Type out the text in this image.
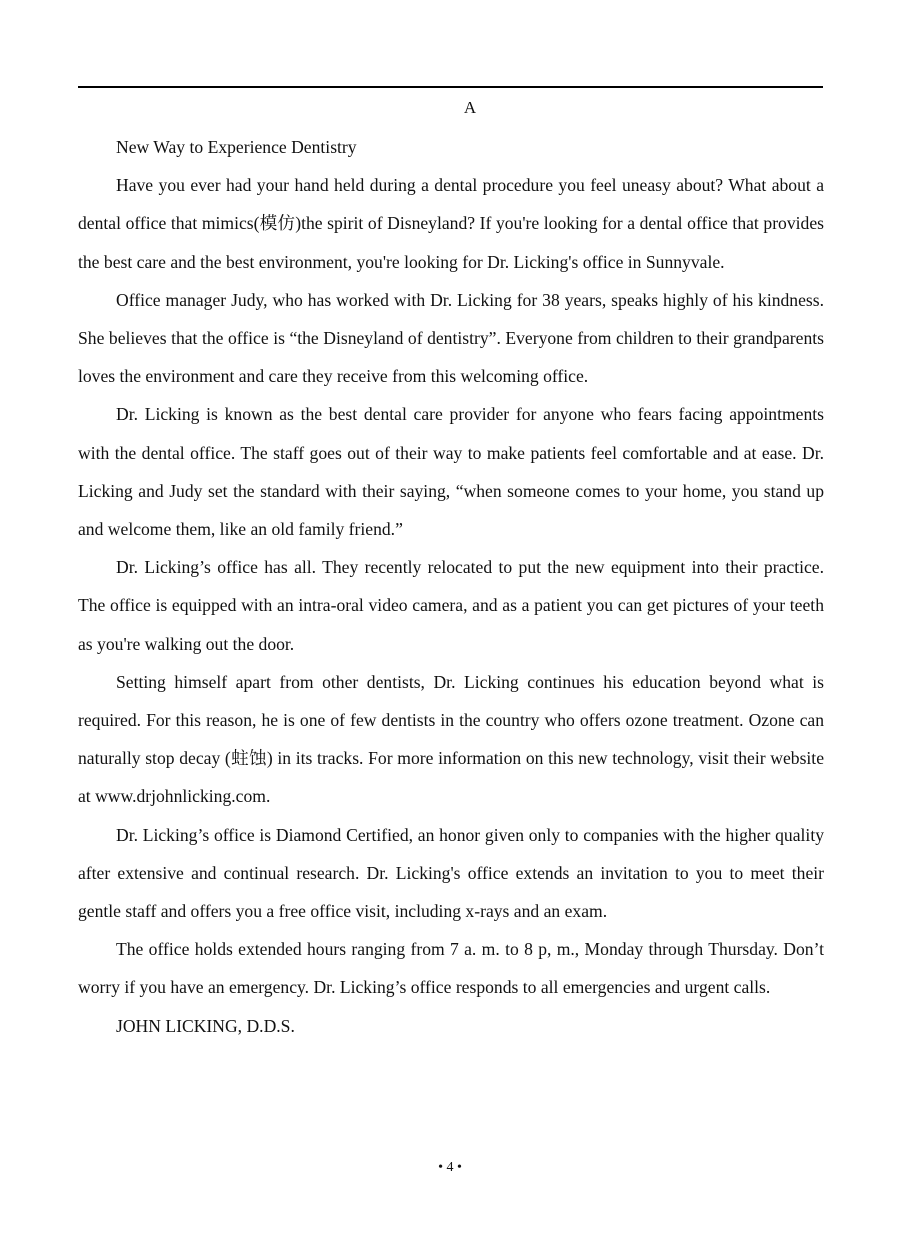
A

New Way to Experience Dentistry

Have you ever had your hand held during a dental procedure you feel uneasy about? What about a dental office that mimics(模仿)the spirit of Disneyland? If you're looking for a dental office that provides the best care and the best environment, you're looking for Dr. Licking's office in Sunnyvale.

Office manager Judy, who has worked with Dr. Licking for 38 years, speaks highly of his kindness. She believes that the office is “the Disneyland of dentistry”. Everyone from children to their grandparents loves the environment and care they receive from this welcoming office.

Dr. Licking is known as the best dental care provider for anyone who fears facing appointments with the dental office. The staff goes out of their way to make patients feel comfortable and at ease. Dr. Licking and Judy set the standard with their saying, “when someone comes to your home, you stand up and welcome them, like an old family friend.”

Dr. Licking’s office has all. They recently relocated to put the new equipment into their practice. The office is equipped with an intra-oral video camera, and as a patient you can get pictures of your teeth as you're walking out the door.

Setting himself apart from other dentists, Dr. Licking continues his education beyond what is required. For this reason, he is one of few dentists in the country who offers ozone treatment. Ozone can naturally stop decay (蛀蚀) in its tracks. For more information on this new technology, visit their website at www.drjohnlicking.com.

Dr. Licking’s office is Diamond Certified, an honor given only to companies with the higher quality after extensive and continual research. Dr. Licking's office extends an invitation to you to meet their gentle staff and offers you a free office visit, including x-rays and an exam.

The office holds extended hours ranging from 7 a. m. to 8 p, m., Monday through Thursday. Don’t worry if you have an emergency. Dr. Licking’s office responds to all emergencies and urgent calls.

JOHN LICKING, D.D.S.

• 4 •
